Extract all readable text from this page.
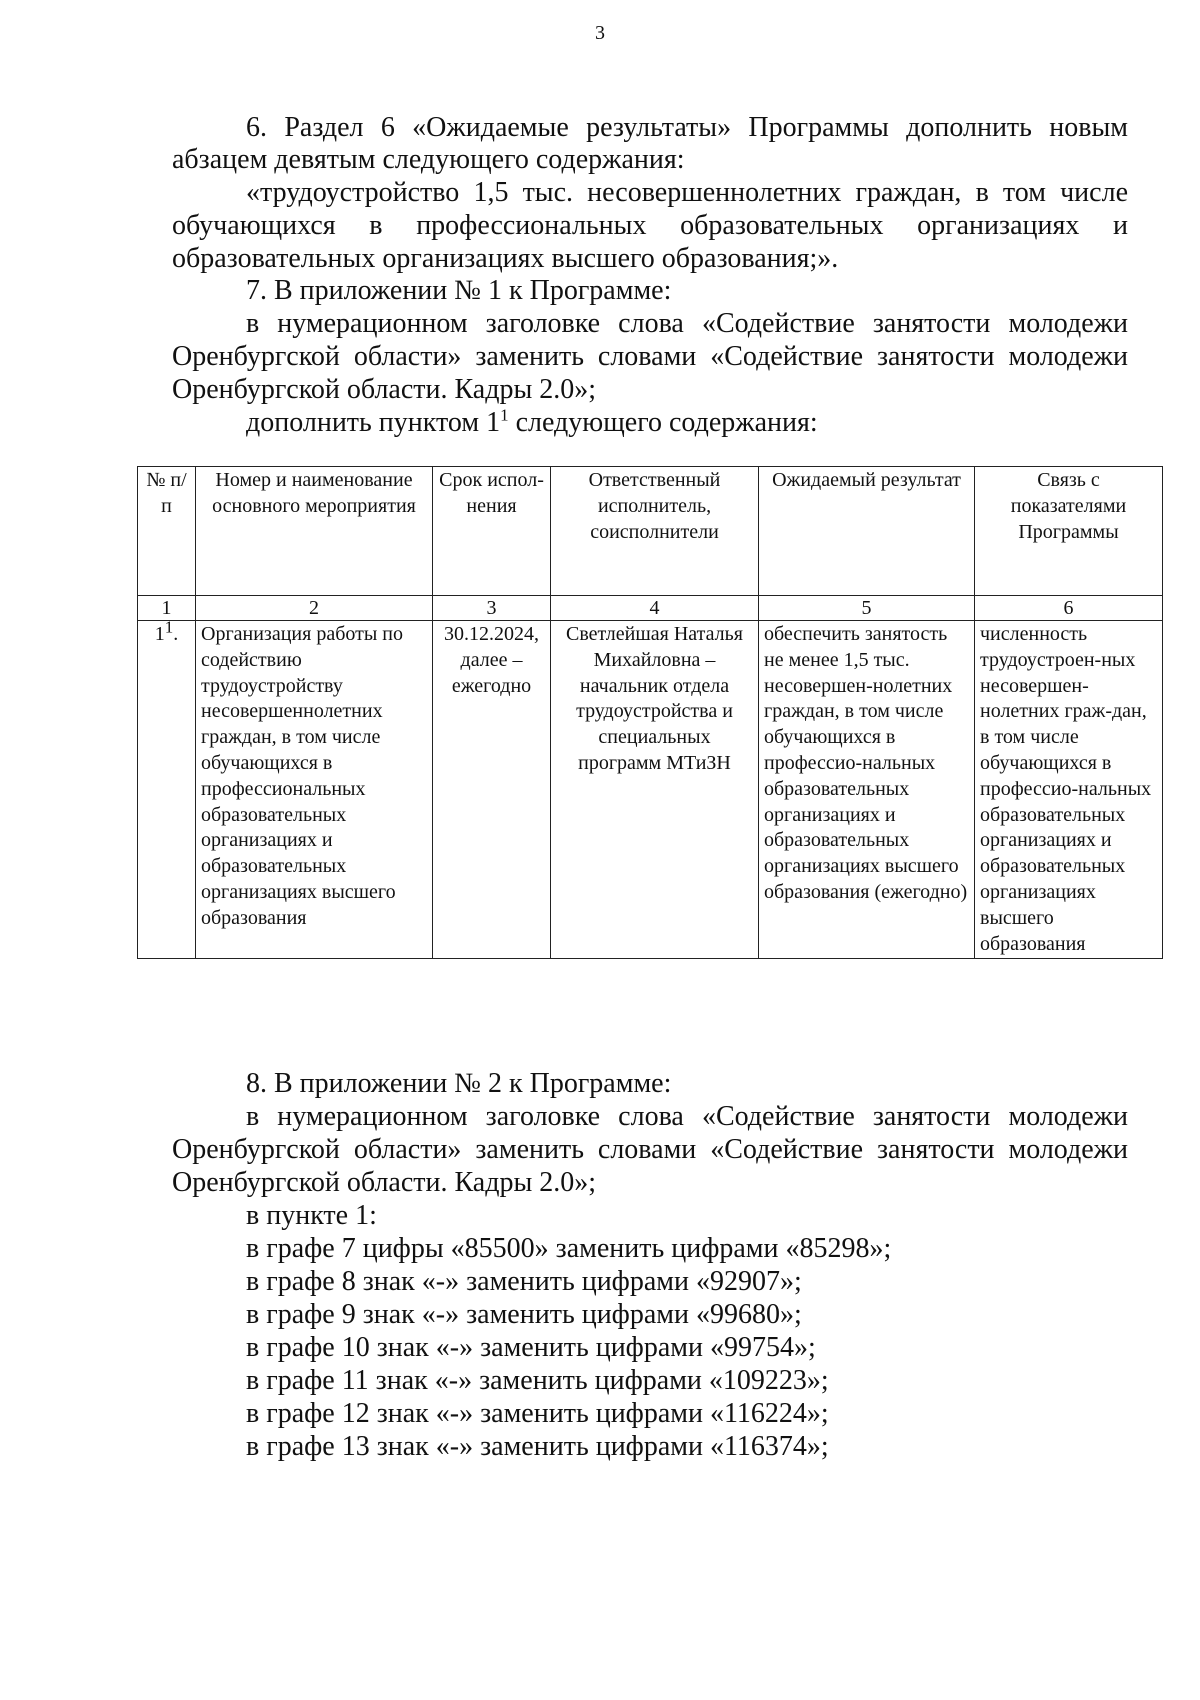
3

6. Раздел 6 «Ожидаемые результаты» Программы дополнить новым

абзацем девятым следующего содержания:

«трудоустройство 1,5 тыс. несовершеннолетних граждан, в том числе

обучающихся в профессиональных образовательных организациях и

образовательных организациях высшего образования;».

7. В приложении № 1 к Программе:

в нумерационном заголовке слова «Содействие занятости молодежи

Оренбургской области» заменить словами «Содействие занятости молодежи

Оренбургской области. Кадры 2.0»;

дополнить пунктом $1^1$ следующего содержания:

№ п/п	Номер и наименование основного мероприятия	Срок испол-нения	Ответственный исполнитель, соисполнители	Ожидаемый результат	Связь с показателями Программы
1	2	3	4	5	6
$1^1$.	Организация работы по содействию трудоустройству несовершеннолетних граждан, в том числе обучающихся в профессиональных образовательных организациях и образовательных организациях высшего образования	30.12.2024, далее – ежегодно	Светлейшая Наталья Михайловна – начальник отдела трудоустройства и специальных программ МТиЗН	обеспечить занятость не менее 1,5 тыс. несовершен-нолетних граждан, в том числе обучающихся в профессио-нальных образовательных организациях и образовательных организациях высшего образования (ежегодно)	численность трудоустроен-ных несовершен-нолетних граж-дан, в том числе обучающихся в профессио-нальных образовательных организациях и образовательных организациях высшего образования

8. В приложении № 2 к Программе:

в нумерационном заголовке слова «Содействие занятости молодежи

Оренбургской области» заменить словами «Содействие занятости молодежи

Оренбургской области. Кадры 2.0»;

в пункте 1:

в графе 7 цифры «85500» заменить цифрами «85298»;

в графе 8 знак «-» заменить цифрами «92907»;

в графе 9 знак «-» заменить цифрами «99680»;

в графе 10 знак «-» заменить цифрами «99754»;

в графе 11 знак «-» заменить цифрами «109223»;

в графе 12 знак «-» заменить цифрами «116224»;

в графе 13 знак «-» заменить цифрами «116374»;
